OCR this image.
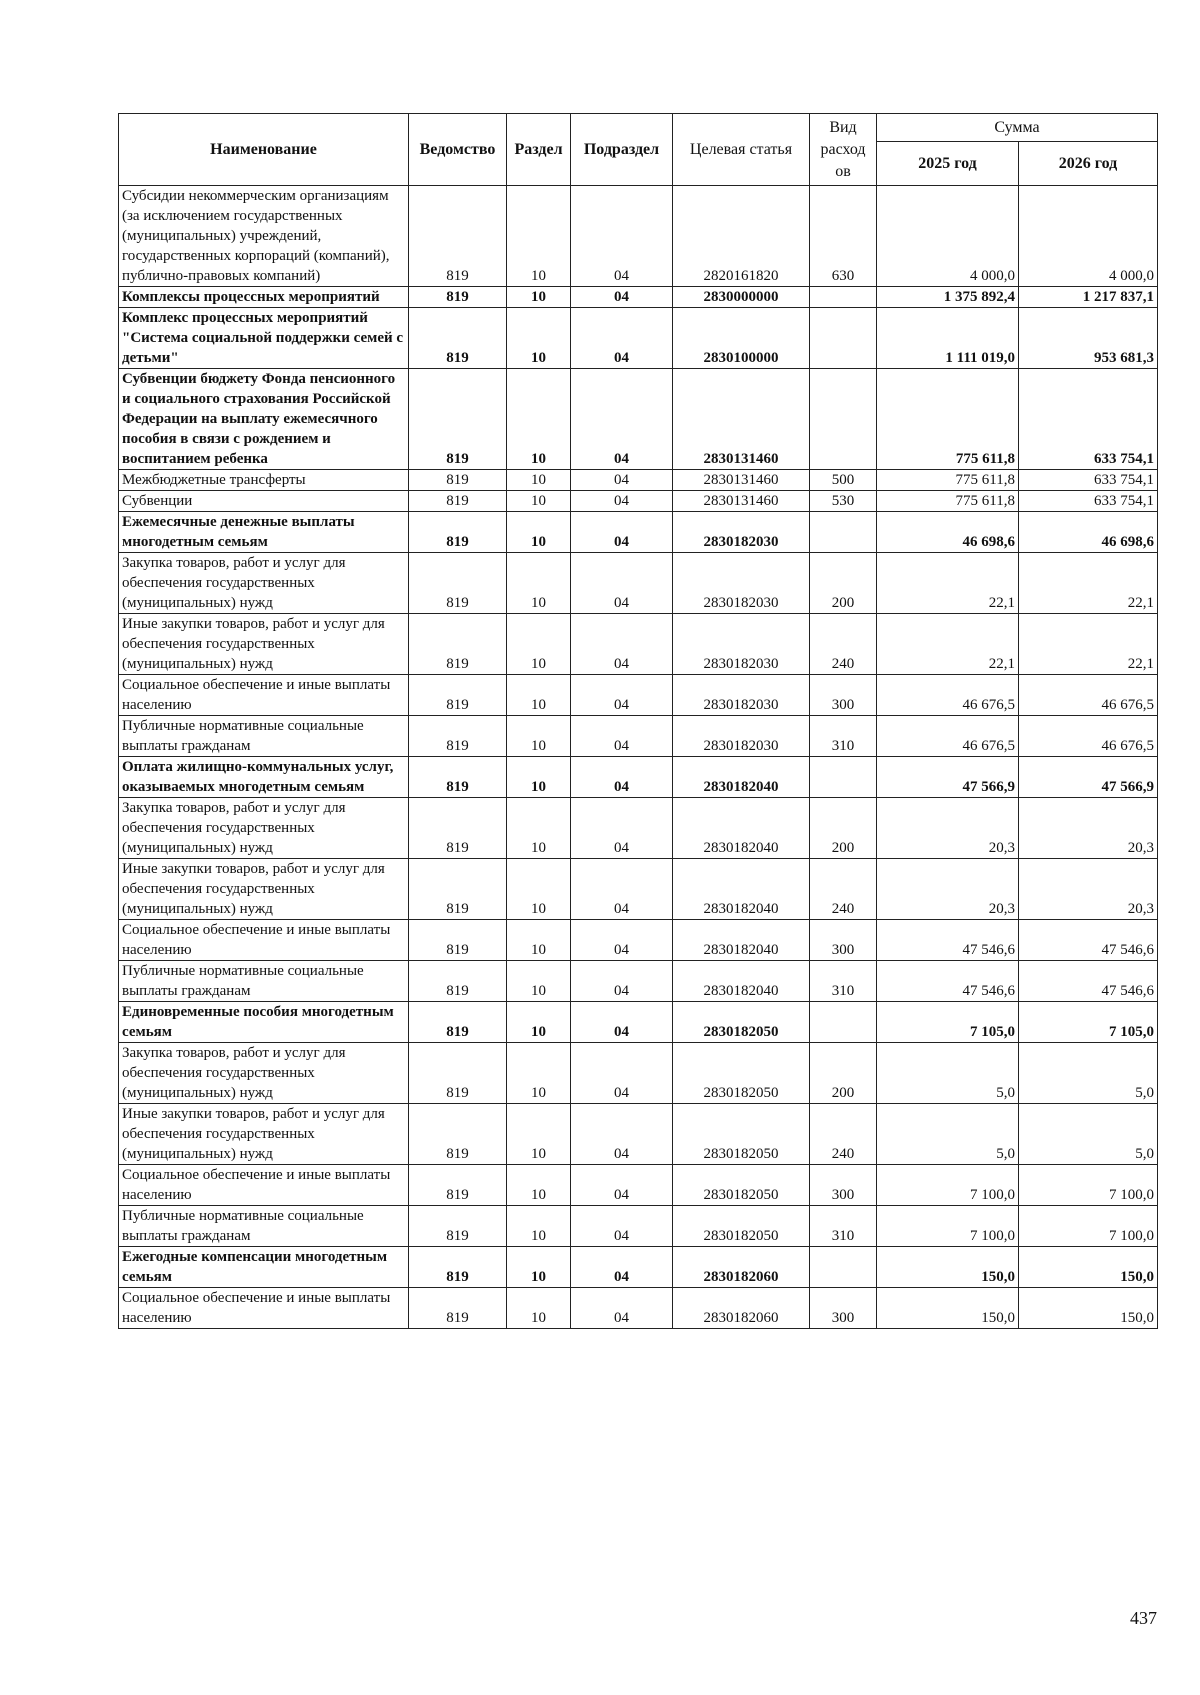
Наименование	Ведомство	Раздел	Подраздел	Целевая статья	Вид расход ов	Сумма	
						2025 год	2026 год
Субсидии некоммерческим организациям (за исключением государственных (муниципальных) учреждений, государственных корпораций (компаний), публично-правовых компаний)	819	10	04	2820161820	630	4 000,0	4 000,0
Комплексы процессных мероприятий	819	10	04	2830000000		1 375 892,4	1 217 837,1
Комплекс процессных мероприятий "Система социальной поддержки семей с детьми"	819	10	04	2830100000		1 111 019,0	953 681,3
Субвенции бюджету Фонда пенсионного и социального страхования Российской Федерации на выплату ежемесячного пособия в связи с рождением и воспитанием ребенка	819	10	04	2830131460		775 611,8	633 754,1
Межбюджетные трансферты	819	10	04	2830131460	500	775 611,8	633 754,1
Субвенции	819	10	04	2830131460	530	775 611,8	633 754,1
Ежемесячные денежные выплаты многодетным семьям	819	10	04	2830182030		46 698,6	46 698,6
Закупка товаров, работ и услуг для обеспечения государственных (муниципальных) нужд	819	10	04	2830182030	200	22,1	22,1
Иные закупки товаров, работ и услуг для обеспечения государственных (муниципальных) нужд	819	10	04	2830182030	240	22,1	22,1
Социальное обеспечение и иные выплаты населению	819	10	04	2830182030	300	46 676,5	46 676,5
Публичные нормативные социальные выплаты гражданам	819	10	04	2830182030	310	46 676,5	46 676,5
Оплата жилищно-коммунальных услуг, оказываемых многодетным семьям	819	10	04	2830182040		47 566,9	47 566,9
Закупка товаров, работ и услуг для обеспечения государственных (муниципальных) нужд	819	10	04	2830182040	200	20,3	20,3
Иные закупки товаров, работ и услуг для обеспечения государственных (муниципальных) нужд	819	10	04	2830182040	240	20,3	20,3
Социальное обеспечение и иные выплаты населению	819	10	04	2830182040	300	47 546,6	47 546,6
Публичные нормативные социальные выплаты гражданам	819	10	04	2830182040	310	47 546,6	47 546,6
Единовременные пособия многодетным семьям	819	10	04	2830182050		7 105,0	7 105,0
Закупка товаров, работ и услуг для обеспечения государственных (муниципальных) нужд	819	10	04	2830182050	200	5,0	5,0
Иные закупки товаров, работ и услуг для обеспечения государственных (муниципальных) нужд	819	10	04	2830182050	240	5,0	5,0
Социальное обеспечение и иные выплаты населению	819	10	04	2830182050	300	7 100,0	7 100,0
Публичные нормативные социальные выплаты гражданам	819	10	04	2830182050	310	7 100,0	7 100,0
Ежегодные компенсации многодетным семьям	819	10	04	2830182060		150,0	150,0
Социальное обеспечение и иные выплаты населению	819	10	04	2830182060	300	150,0	150,0
437
